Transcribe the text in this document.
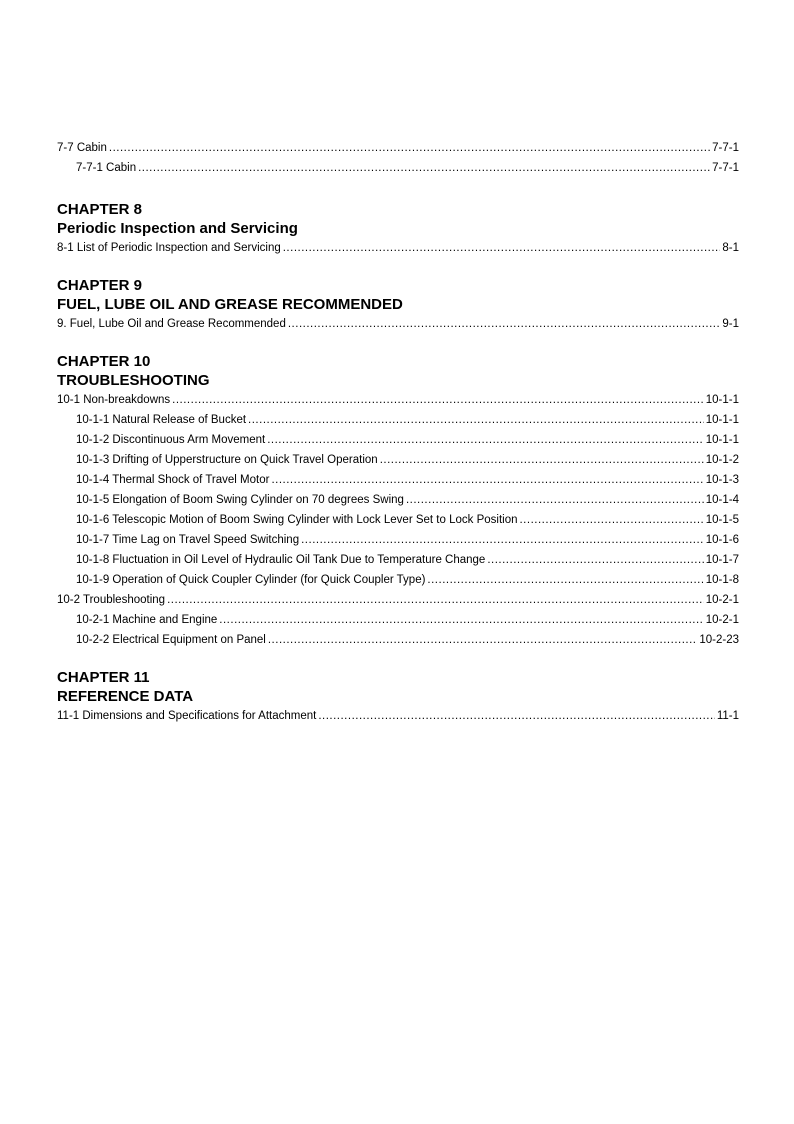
7-7 Cabin .....	7-7-1
7-7-1 Cabin .....	7-7-1
CHAPTER 8
Periodic Inspection and Servicing
8-1 List of Periodic Inspection and Servicing .....	8-1
CHAPTER 9
FUEL, LUBE OIL AND GREASE RECOMMENDED
9. Fuel, Lube Oil and Grease Recommended .....	9-1
CHAPTER 10
TROUBLESHOOTING
10-1 Non-breakdowns .....	10-1-1
10-1-1 Natural Release of Bucket .....	10-1-1
10-1-2 Discontinuous Arm Movement .....	10-1-1
10-1-3 Drifting of Upperstructure on Quick Travel Operation .....	10-1-2
10-1-4 Thermal Shock of Travel Motor .....	10-1-3
10-1-5 Elongation of Boom Swing Cylinder on 70 degrees Swing .....	10-1-4
10-1-6 Telescopic Motion of Boom Swing Cylinder with Lock Lever Set to Lock Position .....	10-1-5
10-1-7 Time Lag on Travel Speed Switching .....	10-1-6
10-1-8 Fluctuation in Oil Level of Hydraulic Oil Tank Due to Temperature Change .....	10-1-7
10-1-9 Operation of Quick Coupler Cylinder (for Quick Coupler Type) .....	10-1-8
10-2 Troubleshooting .....	10-2-1
10-2-1 Machine and Engine .....	10-2-1
10-2-2 Electrical Equipment on Panel .....	10-2-23
CHAPTER 11
REFERENCE DATA
11-1 Dimensions and Specifications for Attachment .....	11-1
